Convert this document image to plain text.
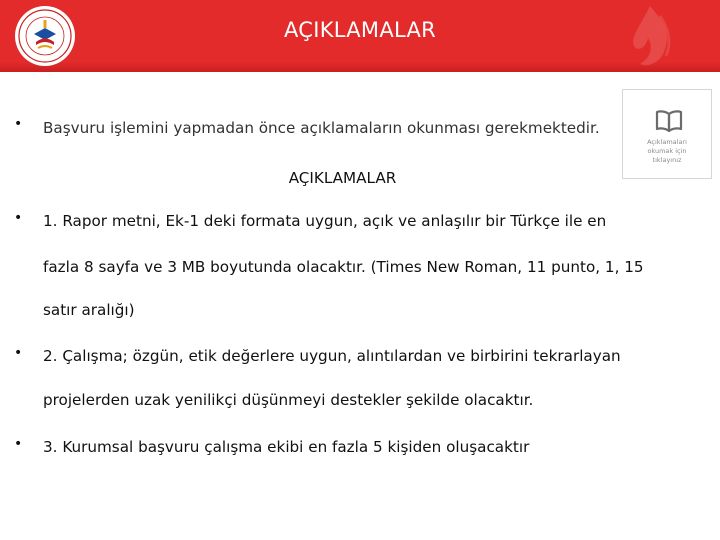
AÇIKLAMALAR
Açıklamaları
okumak için
tıklayınız
• Başvuru işlemini yapmadan önce açıklamaların okunması gerekmektedir.
AÇIKLAMALAR
• 1. Rapor metni, Ek-1 deki formata uygun, açık ve anlaşılır bir Türkçe ile en
fazla 8 sayfa ve 3 MB boyutunda olacaktır. (Times New Roman, 11 punto, 1, 15
satır aralığı)
• 2. Çalışma; özgün, etik değerlere uygun, alıntılardan ve birbirini tekrarlayan
projelerden uzak yenilikçi düşünmeyi destekler şekilde olacaktır.
• 3. Kurumsal başvuru çalışma ekibi en fazla 5 kişiden oluşacaktır
